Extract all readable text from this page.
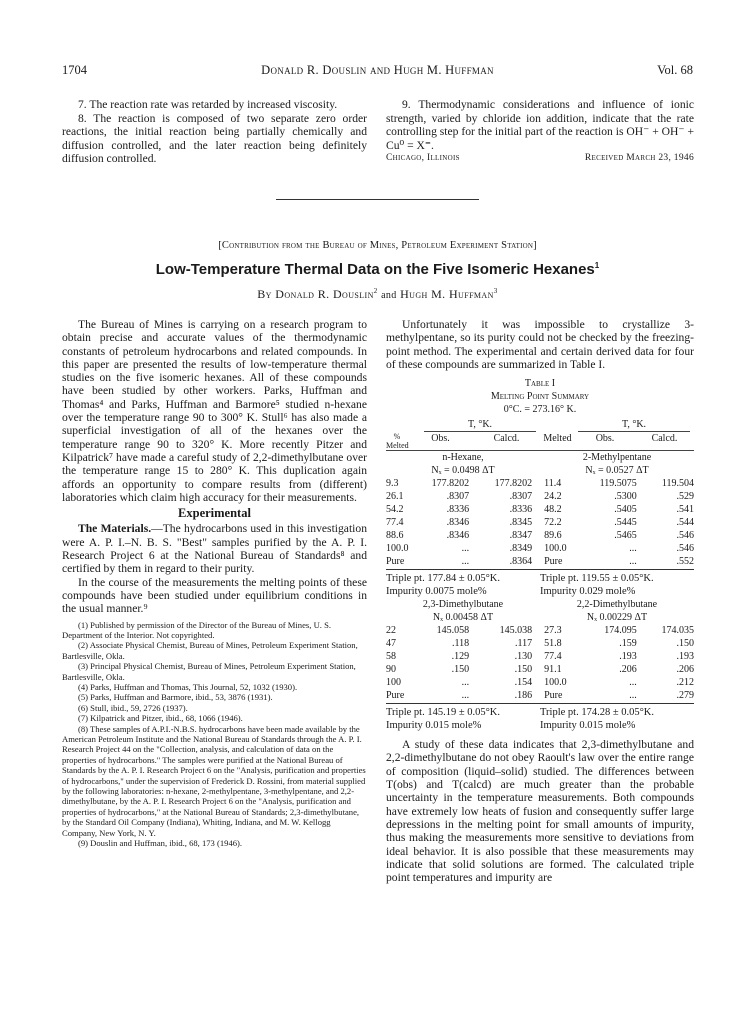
1704	Donald R. Douslin and Hugh M. Huffman	Vol. 68

7. The reaction rate was retarded by increased viscosity.

8. The reaction is composed of two separate zero order reactions, the initial reaction being partially chemically and diffusion controlled, and the later reaction being definitely diffusion controlled.

9. Thermodynamic considerations and influence of ionic strength, varied by chloride ion addition, indicate that the rate controlling step for the initial part of the reaction is OH⁻ + OH⁻ + Cu⁰ = X⁼.

Chicago, Illinois	Received March 23, 1946
[Contribution from the Bureau of Mines, Petroleum Experiment Station]
Low-Temperature Thermal Data on the Five Isomeric Hexanes$^1$
By Donald R. Douslin$^2$ and Hugh M. Huffman$^3$

The Bureau of Mines is carrying on a research program to obtain precise and accurate values of the thermodynamic constants of petroleum hydrocarbons and related compounds. In this paper are presented the results of low-temperature thermal studies on the five isomeric hexanes. All of these compounds have been studied by other workers. Parks, Huffman and Thomas⁴ and Parks, Huffman and Barmore⁵ studied n-hexane over the temperature range 90 to 300° K. Stull⁶ has also made a superficial investigation of all of the hexanes over the temperature range 90 to 320° K. More recently Pitzer and Kilpatrick⁷ have made a careful study of 2,2-dimethylbutane over the temperature range 15 to 280° K. This duplication again affords an opportunity to compare results from (different) laboratories which claim high accuracy for their measurements.

Experimental

The Materials.—The hydrocarbons used in this investigation were A. P. I.–N. B. S. "Best" samples purified by the A. P. I. Research Project 6 at the National Bureau of Standards⁸ and certified by them in regard to their purity.

In the course of the measurements the melting points of these compounds have been studied under equilibrium conditions in the usual manner.⁹

(1) Published by permission of the Director of the Bureau of Mines, U. S. Department of the Interior. Not copyrighted.

(2) Associate Physical Chemist, Bureau of Mines, Petroleum Experiment Station, Bartlesville, Okla.

(3) Principal Physical Chemist, Bureau of Mines, Petroleum Experiment Station, Bartlesville, Okla.

(4) Parks, Huffman and Thomas, This Journal, 52, 1032 (1930).

(5) Parks, Huffman and Barmore, ibid., 53, 3876 (1931).

(6) Stull, ibid., 59, 2726 (1937).

(7) Kilpatrick and Pitzer, ibid., 68, 1066 (1946).

(8) These samples of A.P.I.-N.B.S. hydrocarbons have been made available by the American Petroleum Institute and the National Bureau of Standards through the A. P. I. Research Project 44 on the "Collection, analysis, and calculation of data on the properties of hydrocarbons." The samples were purified at the National Bureau of Standards by the A. P. I. Research Project 6 on the "Analysis, purification and properties of hydrocarbons," under the supervision of Frederick D. Rossini, from material supplied by the following laboratories: n-hexane, 2-methylpentane, 3-methylpentane, and 2,2-dimethylbutane, by the A. P. I. Research Project 6 on the "Analysis, purification and properties of hydrocarbons," at the National Bureau of Standards; 2,3-dimethylbutane, by the Standard Oil Company (Indiana), Whiting, Indiana, and M. W. Kellogg Company, New York, N. Y.

(9) Douslin and Huffman, ibid., 68, 173 (1946).

Unfortunately it was impossible to crystallize 3-methylpentane, so its purity could not be checked by the freezing-point method. The experimental and certain derived data for four of these compounds are summarized in Table I.

Table I
Melting Point Summary
0°C. = 273.16° K.
T, °K.	T, °K.
%
Melted
Obs.	Calcd.	Melted	Obs.	Calcd.
n-Hexane,	2-Methylpentane
Nₓ = 0.0498 ΔT	Nₓ = 0.0527 ΔT
9.3	177.8202	177.8202	11.4	119.5075	119.504
26.1	.8307	.8307	24.2	.5300	.529
54.2	.8336	.8336	48.2	.5405	.541
77.4	.8346	.8345	72.2	.5445	.544
88.6	.8346	.8347	89.6	.5465	.546
100.0	...	.8349	100.0	...	.546
Pure	...	.8364	Pure	...	.552
Triple pt. 177.84 ± 0.05°K.	Triple pt. 119.55 ± 0.05°K.
Impurity 0.0075 mole%	Impurity 0.029 mole%
2,3-Dimethylbutane	2,2-Dimethylbutane
Nₓ 0.00458 ΔT	Nₓ 0.00229 ΔT
22	145.058	145.038	27.3	174.095	174.035
47	.118	.117	51.8	.159	.150
58	.129	.130	77.4	.193	.193
90	.150	.150	91.1	.206	.206
100	...	.154	100.0	...	.212
Pure	...	.186	Pure	...	.279
Triple pt. 145.19 ± 0.05°K.	Triple pt. 174.28 ± 0.05°K.
Impurity 0.015 mole%	Impurity 0.015 mole%

A study of these data indicates that 2,3-dimethylbutane and 2,2-dimethylbutane do not obey Raoult's law over the entire range of composition (liquid–solid) studied. The differences between T(obs) and T(calcd) are much greater than the probable uncertainty in the temperature measurements. Both compounds have extremely low heats of fusion and consequently suffer large depressions in the melting point for small amounts of impurity, thus making the measurements more sensitive to deviations from ideal behavior. It is also possible that these measurements may indicate that solid solutions are formed. The calculated triple point temperatures and impurity are
